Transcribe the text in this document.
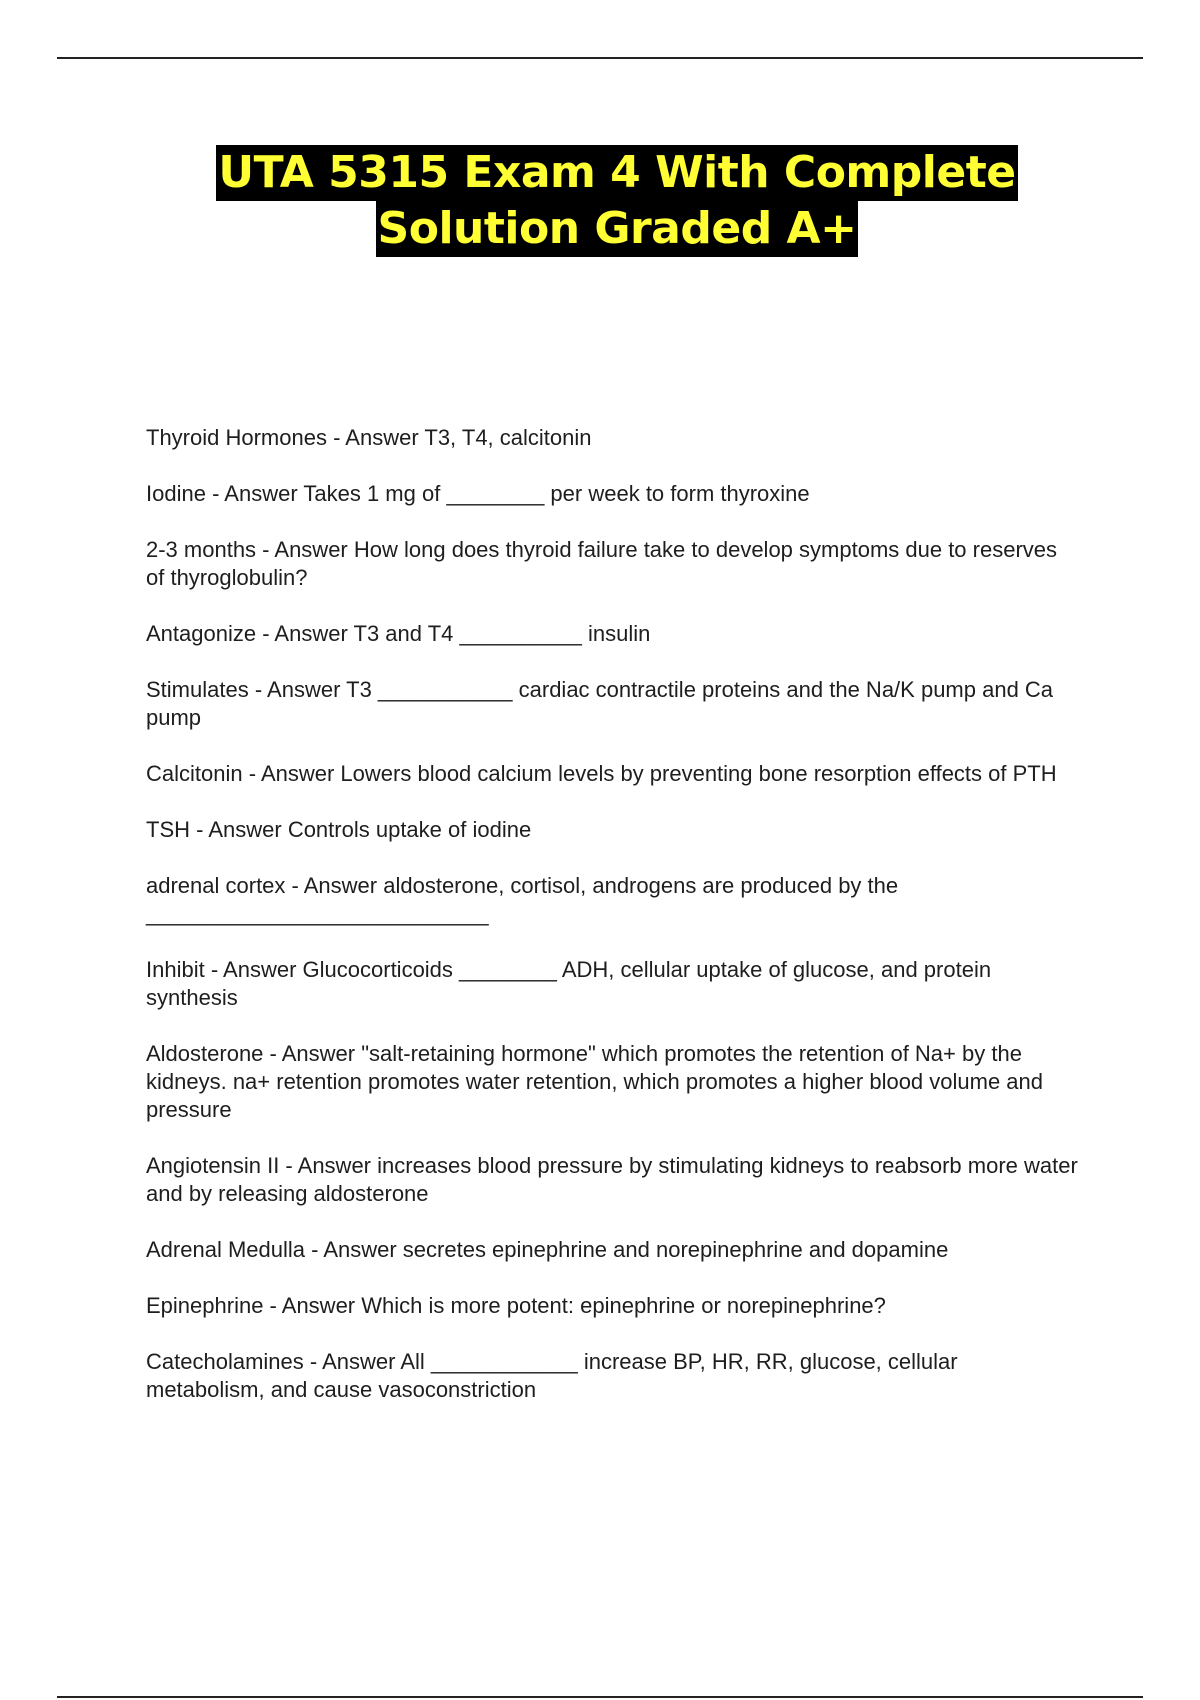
UTA 5315 Exam 4 With Complete
Solution Graded A+

Thyroid Hormones - Answer T3, T4, calcitonin

Iodine - Answer Takes 1 mg of ________ per week to form thyroxine

2-3 months - Answer How long does thyroid failure take to develop symptoms due to reserves of thyroglobulin?

Antagonize - Answer T3 and T4 __________ insulin

Stimulates - Answer T3 ___________ cardiac contractile proteins and the Na/K pump and Ca pump

Calcitonin - Answer Lowers blood calcium levels by preventing bone resorption effects of PTH

TSH - Answer Controls uptake of iodine

adrenal cortex - Answer aldosterone, cortisol, androgens are produced by the ____________________________

Inhibit - Answer Glucocorticoids ________ ADH, cellular uptake of glucose, and protein synthesis

Aldosterone - Answer "salt-retaining hormone" which promotes the retention of Na+ by the kidneys. na+ retention promotes water retention, which promotes a higher blood volume and pressure

Angiotensin II - Answer increases blood pressure by stimulating kidneys to reabsorb more water and by releasing aldosterone

Adrenal Medulla - Answer secretes epinephrine and norepinephrine and dopamine

Epinephrine - Answer Which is more potent: epinephrine or norepinephrine?

Catecholamines - Answer All ____________ increase BP, HR, RR, glucose, cellular metabolism, and cause vasoconstriction
